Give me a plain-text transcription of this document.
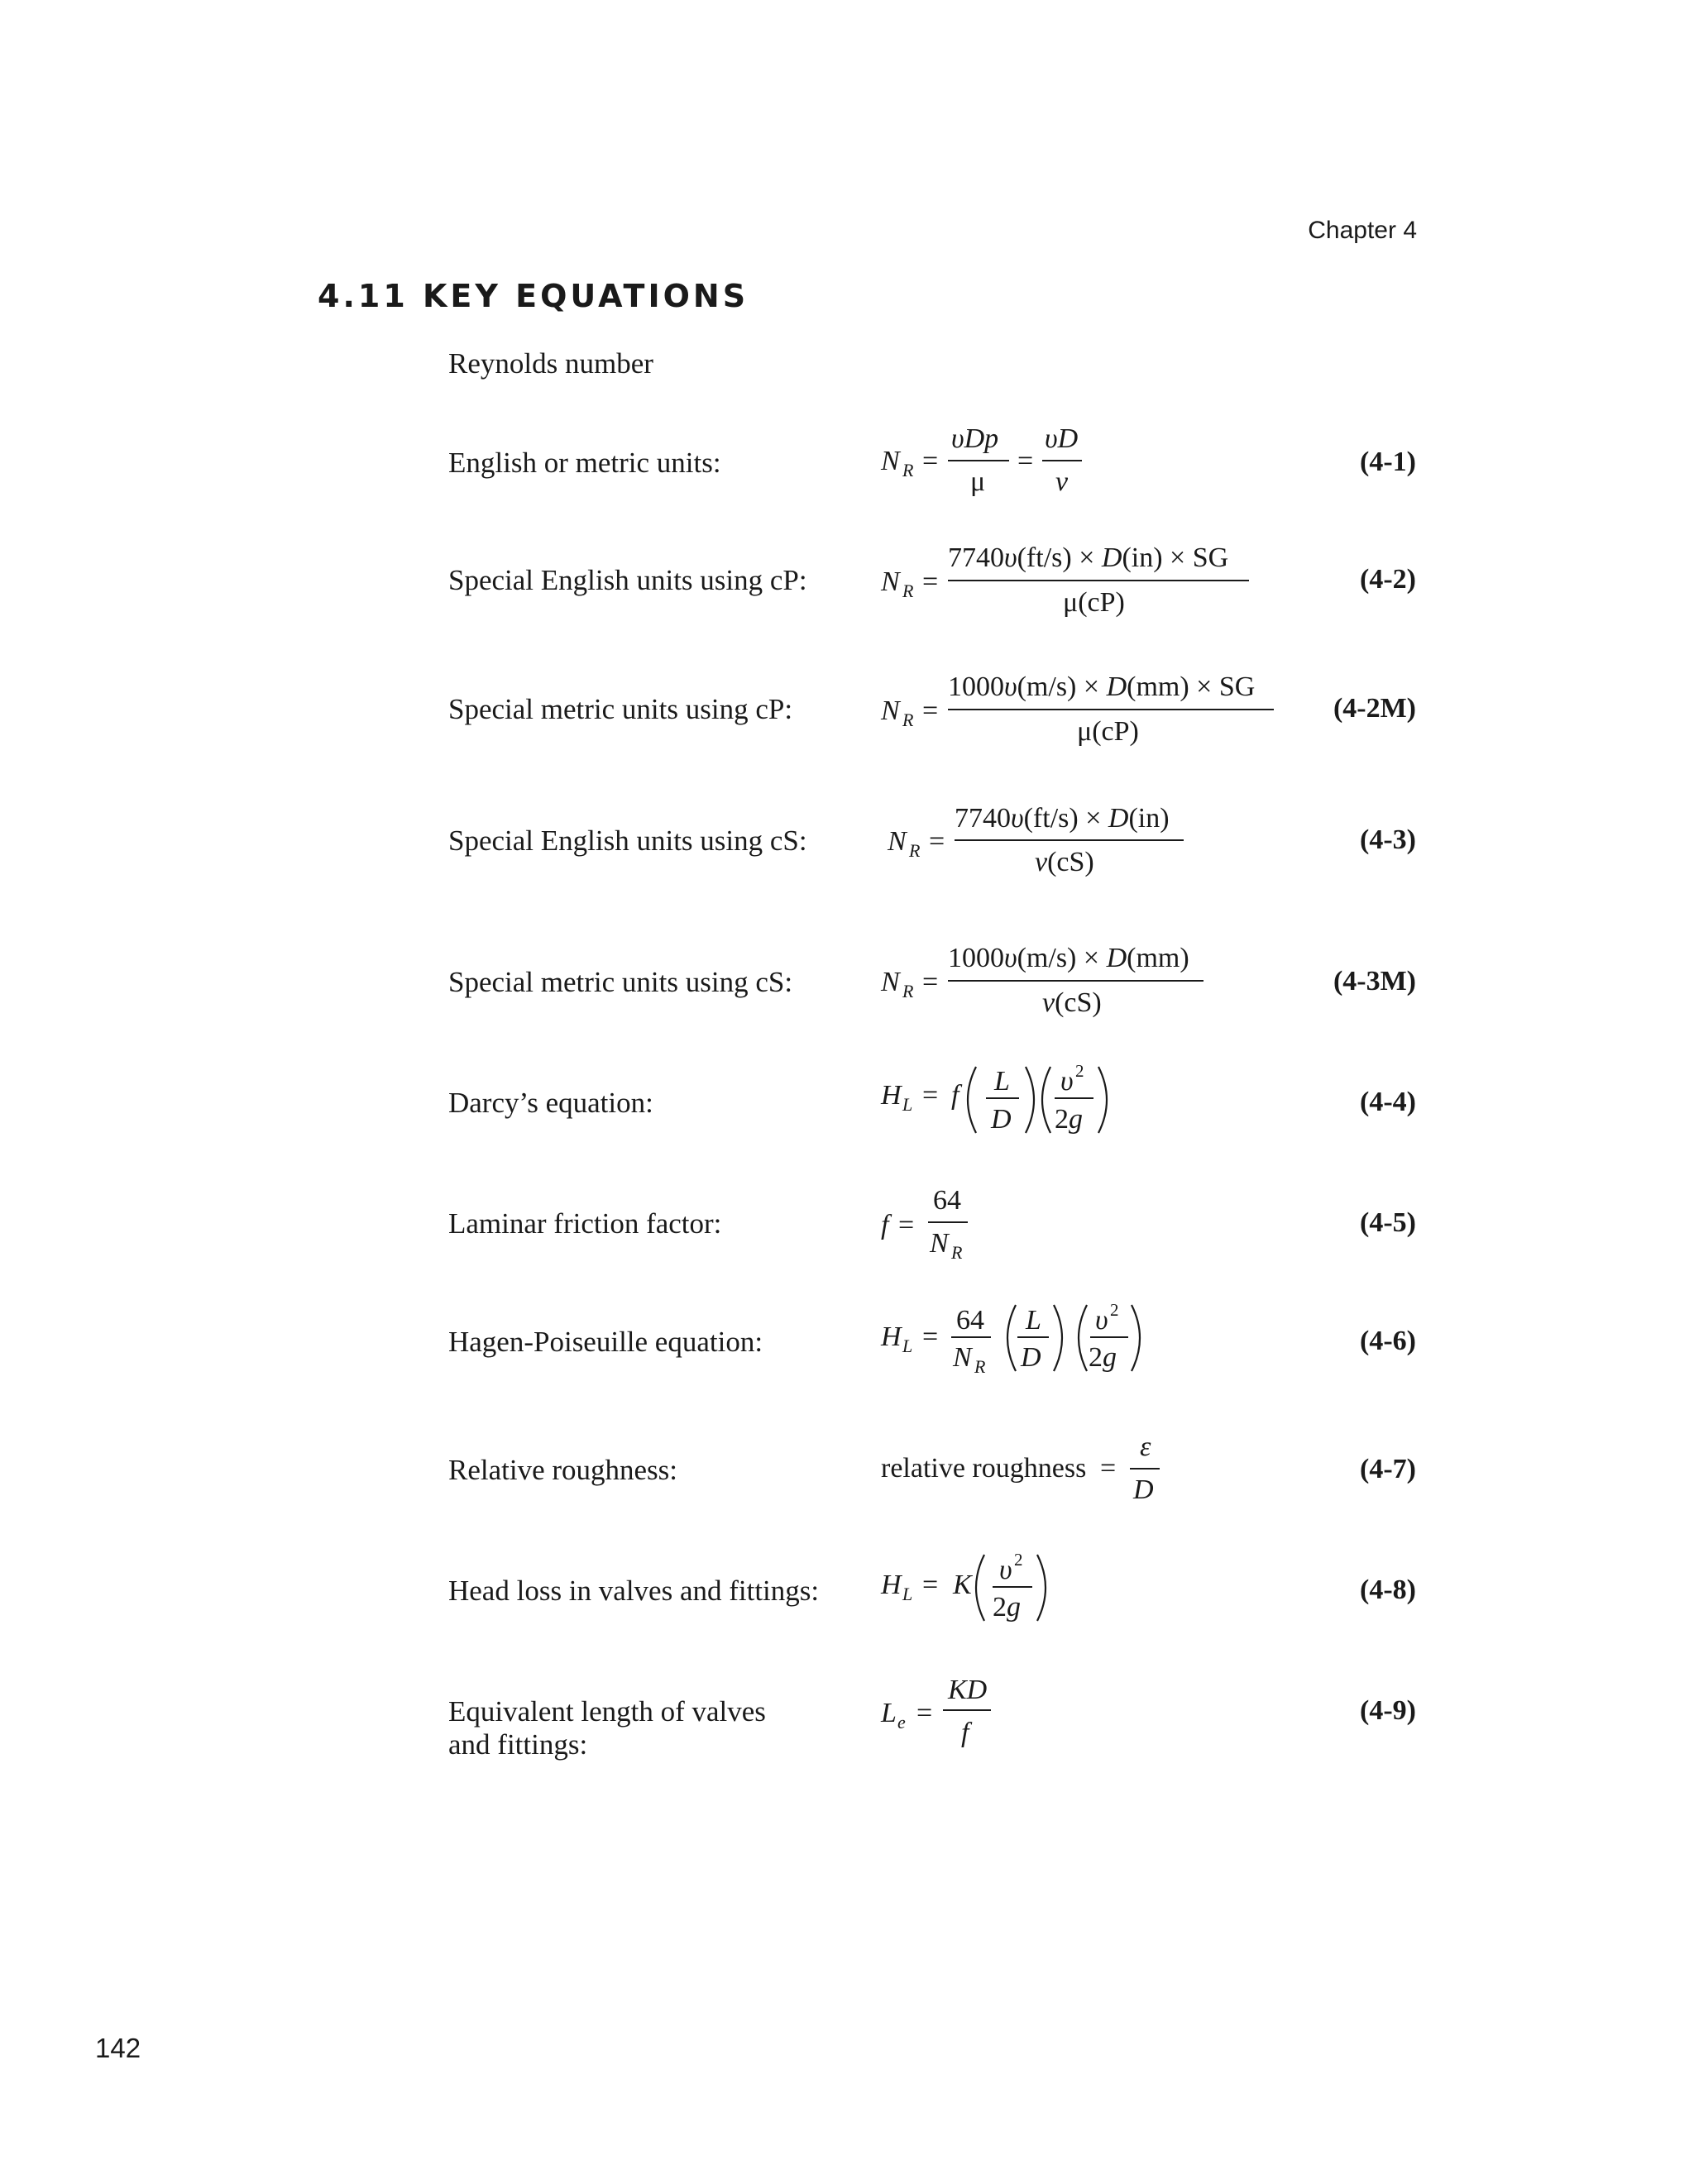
Chapter 4
4.11 KEY EQUATIONS
Reynolds number
English or metric units:	N R =
υDp
μ
=
υD
ν
(4-1)
Special English units using cP:	N R =
7740υ(ft/s) × D(in) × SG
μ(cP)
(4-2)
Special metric units using cP:	N R =
1000υ(m/s) × D(mm) × SG
μ(cP)
(4-2M)
Special English units using cS:	N R =
7740υ(ft/s) × D(in)
ν(cS)
(4-3)
Special metric units using cS:	N R =
1000υ(m/s) × D(mm)
ν(cS)
(4-3M)
Darcy’s equation:	H L = f L
D
υ 2
2g
(4-4)
Laminar friction factor:	f =
64
N R
(4-5)
Hagen-Poiseuille equation:	H L =
64
N R
L
D
υ 2
2g
(4-6)
Relative roughness:	relative roughness =
ε
D
(4-7)
Head loss in valves and fittings: H L = K υ 2
2g
(4-8)
Equivalent length of valves
and fittings:
L e =
KD
f
(4-9)
142
